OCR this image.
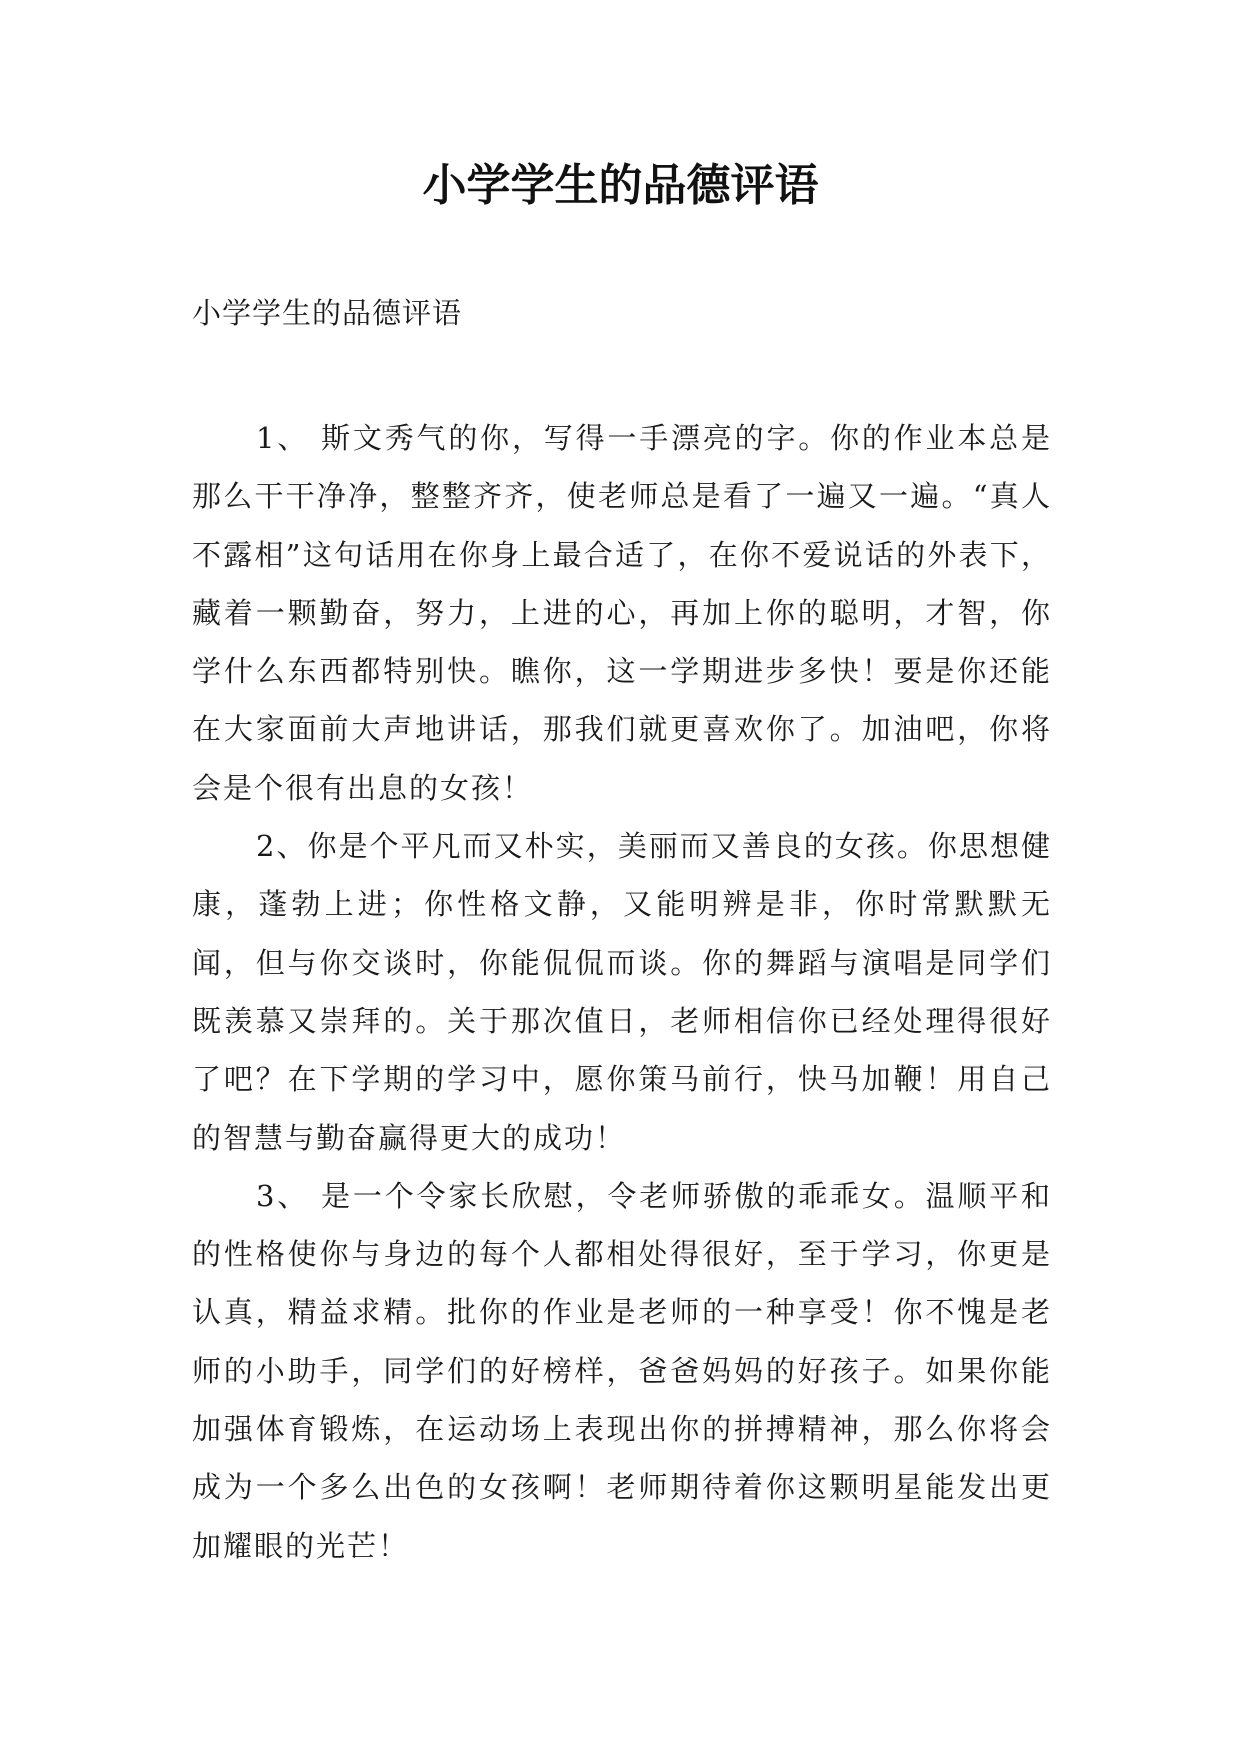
小学学生的品德评语

小学学生的品德评语

1、 斯文秀气的你，写得一手漂亮的字。你的作业本总是那么干干净净，整整齐齐，使老师总是看了一遍又一遍。“真人不露相”这句话用在你身上最合适了，在你不爱说话的外表下，藏着一颗勤奋，努力，上进的心，再加上你的聪明，才智，你学什么东西都特别快。瞧你，这一学期进步多快！要是你还能在大家面前大声地讲话，那我们就更喜欢你了。加油吧，你将会是个很有出息的女孩！

2、你是个平凡而又朴实，美丽而又善良的女孩。你思想健康，蓬勃上进；你性格文静，又能明辨是非，你时常默默无闻，但与你交谈时，你能侃侃而谈。你的舞蹈与演唱是同学们既羡慕又崇拜的。关于那次值日，老师相信你已经处理得很好了吧？在下学期的学习中，愿你策马前行，快马加鞭！用自己的智慧与勤奋赢得更大的成功！

3、 是一个令家长欣慰，令老师骄傲的乖乖女。温顺平和的性格使你与身边的每个人都相处得很好，至于学习，你更是认真，精益求精。批你的作业是老师的一种享受！你不愧是老师的小助手，同学们的好榜样，爸爸妈妈的好孩子。如果你能加强体育锻炼，在运动场上表现出你的拼搏精神，那么你将会成为一个多么出色的女孩啊！老师期待着你这颗明星能发出更加耀眼的光芒！
